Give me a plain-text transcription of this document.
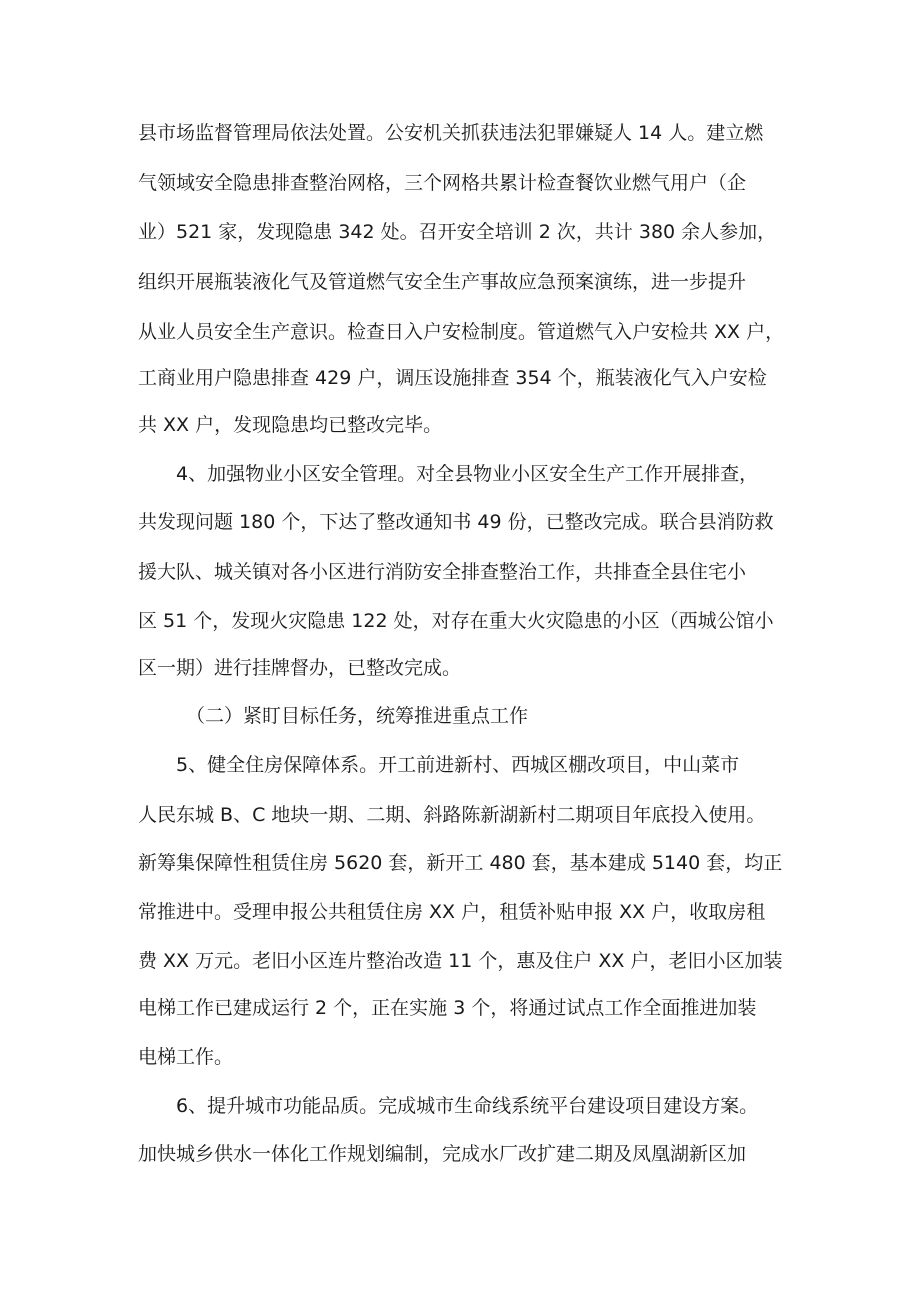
县市场监督管理局依法处置。公安机关抓获违法犯罪嫌疑人 14 人。建立燃
气领域安全隐患排查整治网格，三个网格共累计检查餐饮业燃气用户（企
业）521 家，发现隐患 342 处。召开安全培训 2 次，共计 380 余人参加，
组织开展瓶装液化气及管道燃气安全生产事故应急预案演练，进一步提升
从业人员安全生产意识。检查日入户安检制度。管道燃气入户安检共 XX 户，
工商业用户隐患排查 429 户，调压设施排查 354 个，瓶装液化气入户安检
共 XX 户，发现隐患均已整改完毕。
4、加强物业小区安全管理。对全县物业小区安全生产工作开展排查，
共发现问题 180 个，下达了整改通知书 49 份，已整改完成。联合县消防救
援大队、城关镇对各小区进行消防安全排查整治工作，共排查全县住宅小
区 51 个，发现火灾隐患 122 处，对存在重大火灾隐患的小区（西城公馆小
区一期）进行挂牌督办，已整改完成。
（二）紧盯目标任务，统筹推进重点工作
5、健全住房保障体系。开工前进新村、西城区棚改项目，中山菜市
人民东城 B、C 地块一期、二期、斜路陈新湖新村二期项目年底投入使用。
新筹集保障性租赁住房 5620 套，新开工 480 套，基本建成 5140 套，均正
常推进中。受理申报公共租赁住房 XX 户，租赁补贴申报 XX 户，收取房租
费 XX 万元。老旧小区连片整治改造 11 个，惠及住户 XX 户，老旧小区加装
电梯工作已建成运行 2 个，正在实施 3 个，将通过试点工作全面推进加装
电梯工作。
6、提升城市功能品质。完成城市生命线系统平台建设项目建设方案。
加快城乡供水一体化工作规划编制，完成水厂改扩建二期及凤凰湖新区加
